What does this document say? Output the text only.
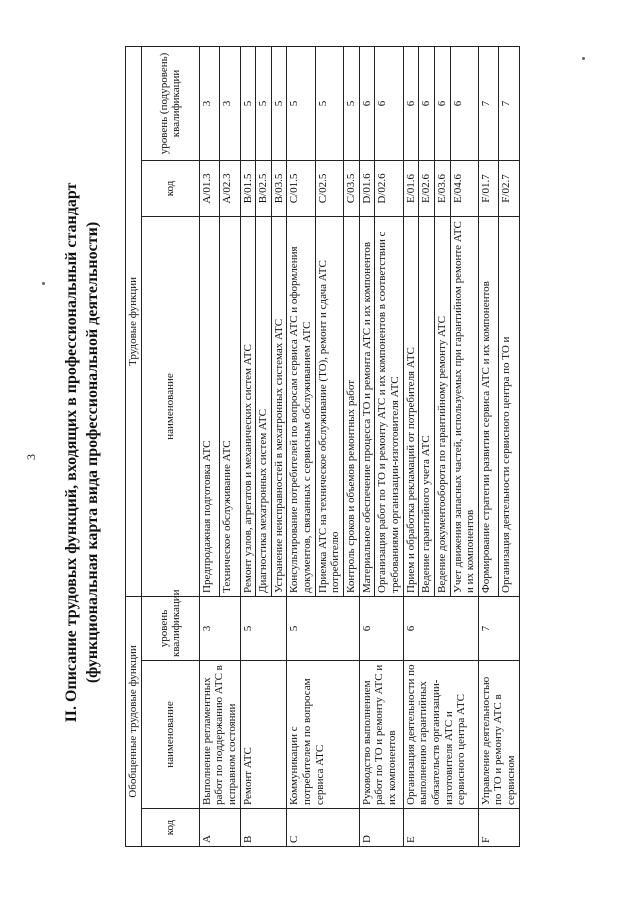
3 II. Описание трудовых функций, входящих в профессиональный стандарт (функциональная карта вида профессиональной деятельности)
Обобщенные трудовые функции			Трудовые функции		
код	наименование	уровень квалификации	наименование	код	уровень (подуровень) квалификации
A	Выполнение регламентных работ по поддержанию АТС в исправном состоянии	3	Предпродажная подготовка АТС	A/01.3	3
			Техническое обслуживание АТС	A/02.3	3
B	Ремонт АТС	5	Ремонт узлов, агрегатов и механических систем АТС	B/01.5	5
			Диагностика мехатронных систем АТС	B/02.5	5
			Устранение неисправностей в мехатронных системах АТС	B/03.5	5
C	Коммуникации с потребителем по вопросам сервиса АТС	5	Консультирование потребителей по вопросам сервиса АТС и оформления документов, связанных с сервисным обслуживанием АТС	C/01.5	5
			Приемка АТС на техническое обслуживание (ТО), ремонт и сдача АТС потребителю	C/02.5	5
			Контроль сроков и объемов ремонтных работ	C/03.5	5
D	Руководство выполнением работ по ТО и ремонту АТС и их компонентов	6	Материальное обеспечение процесса ТО и ремонта АТС и их компонентов	D/01.6	6
			Организация работ по ТО и ремонту АТС и их компонентов в соответствии с требованиями организации-изготовителя АТС	D/02.6	6
E	Организация деятельности по выполнению гарантийных обязательств организации-изготовителя АТС и сервисного центра АТС	6	Прием и обработка рекламаций от потребителя АТС	E/01.6	6
			Ведение гарантийного учета АТС	E/02.6	6
			Ведение документооборота по гарантийному ремонту АТС	E/03.6	6
			Учет движения запасных частей, используемых при гарантийном ремонте АТС и их компонентов	E/04.6	6
F	Управление деятельностью по ТО и ремонту АТС в сервисном	7	Формирование стратегии развития сервиса АТС и их компонентов	F/01.7	7
			Организация деятельности сервисного центра по ТО и	F/02.7	7
